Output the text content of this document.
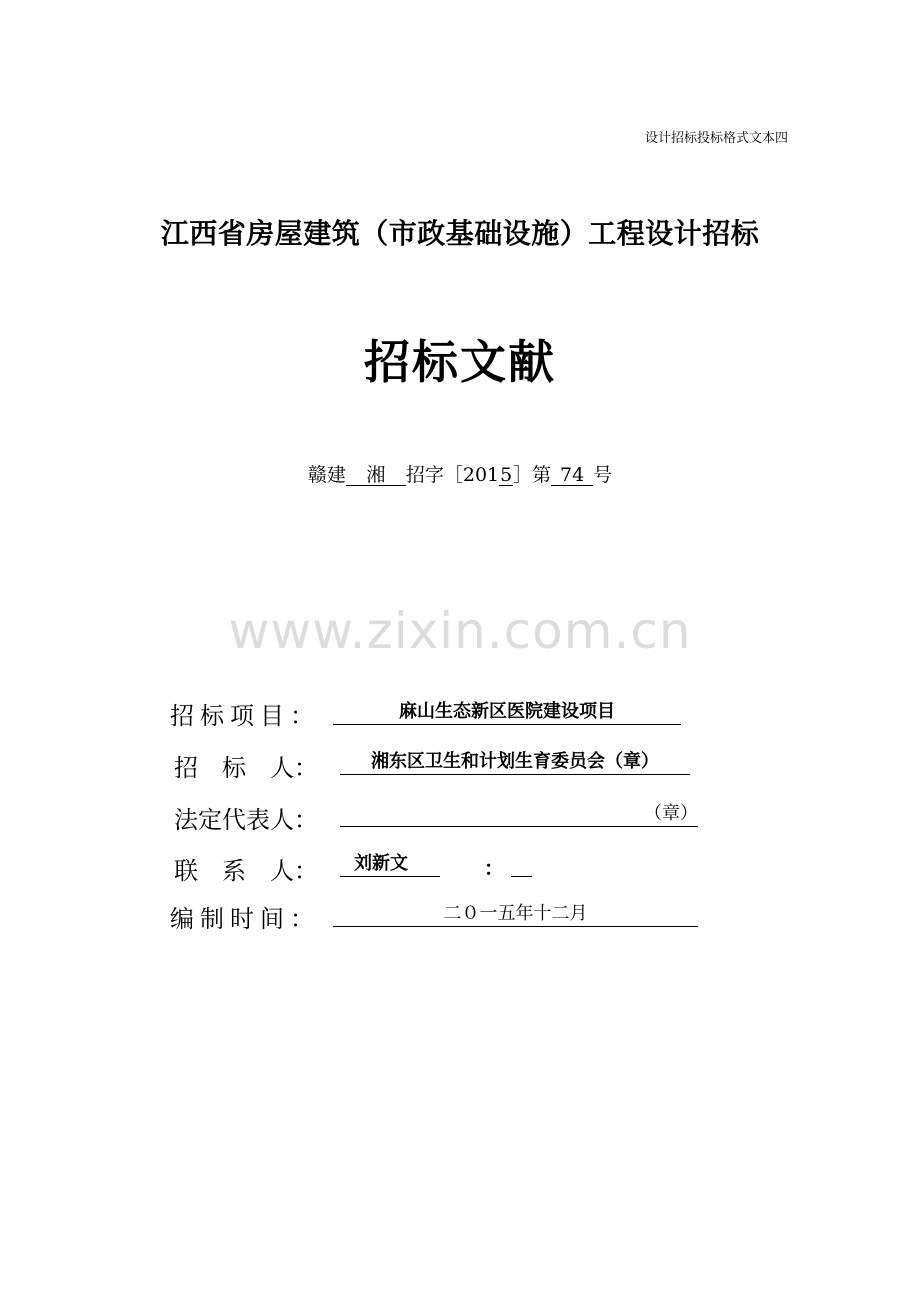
设计招标投标格式文本四
江西省房屋建筑（市政基础设施）工程设计招标
招标文献
赣建 湘 招字［2015］第 74 号
www.zixin.com.cn
招标项目：	麻山生态新区医院建设项目
招　标　人：	湘东区卫生和计划生育委员会（章）
法定代表人：	（章）
联　系　人：	刘新文	：
编制时间：	二０一五年十二月
